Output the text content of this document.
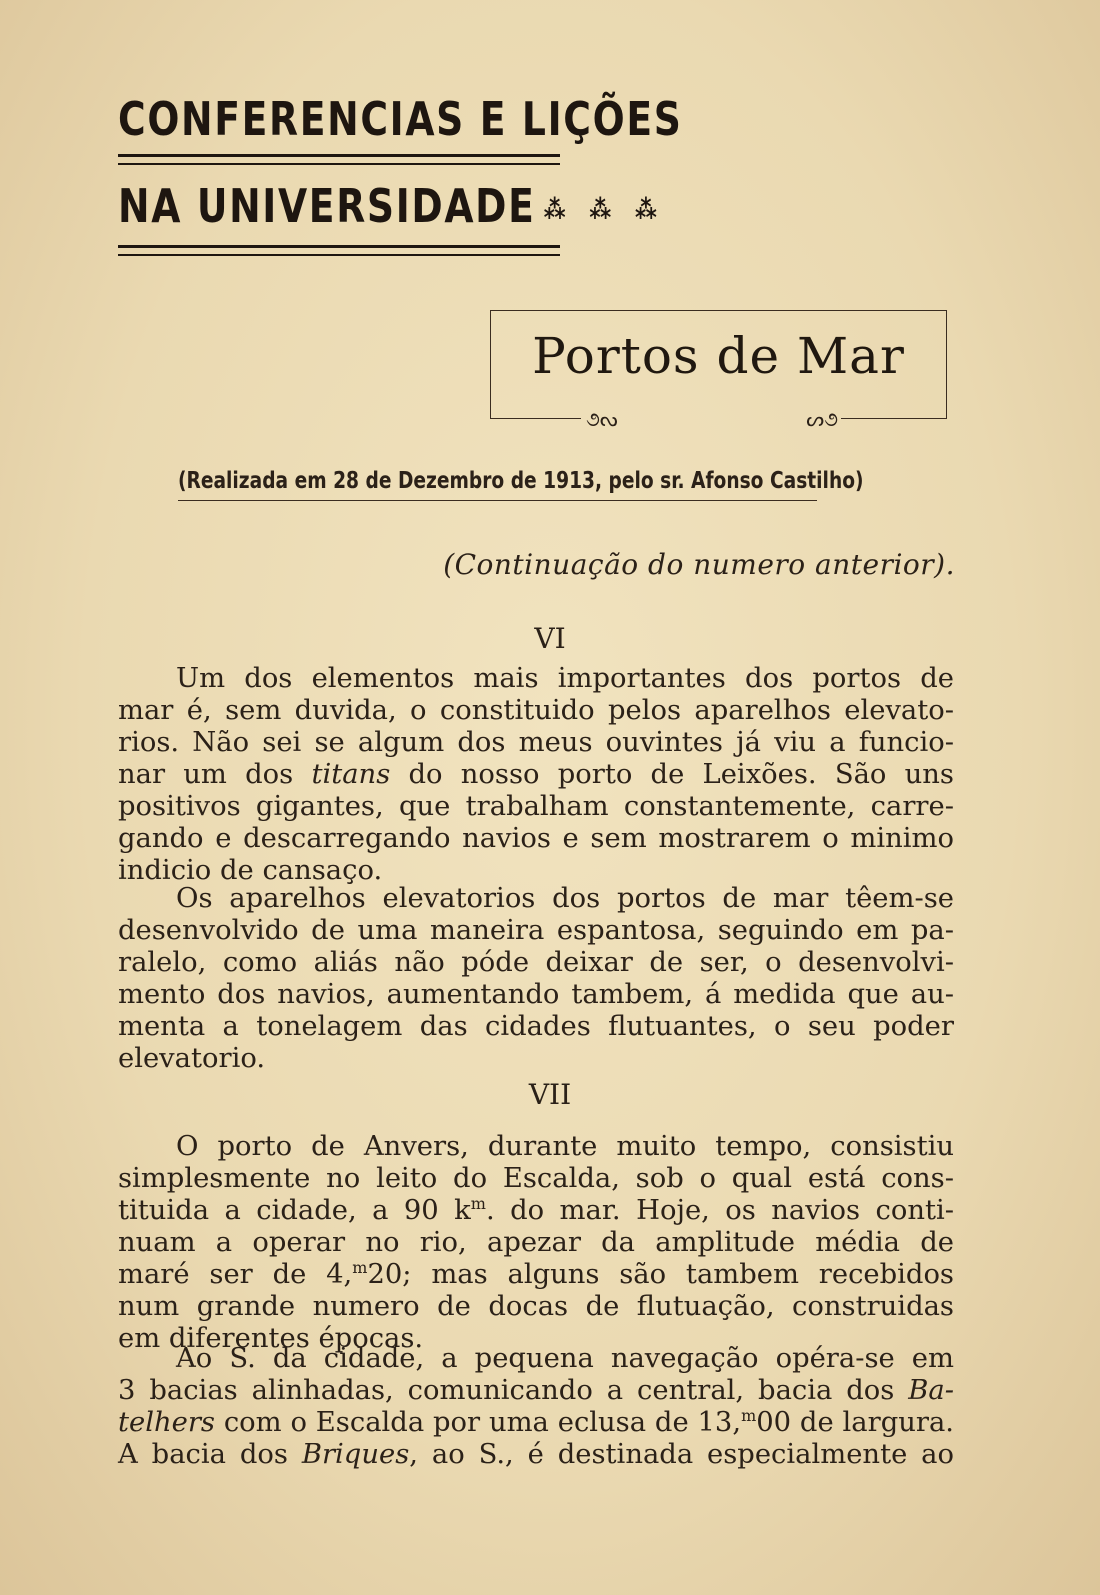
CONFERENCIAS E LIÇÕES
NA UNIVERSIDADE ⁂ ⁂ ⁂
Portos de Mar
૭ᔓ	ᔕ૭
(Realizada em 28 de Dezembro de 1913, pelo sr. Afonso Castilho)
(Continuação do numero anterior).
VI
Um dos elementos mais importantes dos portos de
mar é, sem duvida, o constituido pelos aparelhos elevato-
rios. Não sei se algum dos meus ouvintes já viu a funcio-
nar um dos titans do nosso porto de Leixões. São uns
positivos gigantes, que trabalham constantemente, carre-
gando e descarregando navios e sem mostrarem o minimo
indicio de cansaço.
Os aparelhos elevatorios dos portos de mar têem-se
desenvolvido de uma maneira espantosa, seguindo em pa-
ralelo, como aliás não póde deixar de ser, o desenvolvi-
mento dos navios, aumentando tambem, á medida que au-
menta a tonelagem das cidades flutuantes, o seu poder
elevatorio.
VII
O porto de Anvers, durante muito tempo, consistiu
simplesmente no leito do Escalda, sob o qual está cons-
tituida a cidade, a 90 $k^m$. do mar. Hoje, os navios conti-
nuam a operar no rio, apezar da amplitude média de
maré ser de 4,$^m$20; mas alguns são tambem recebidos
num grande numero de docas de flutuação, construidas
em diferentes épocas.
Ao S. da cidade, a pequena navegação opéra-se em
3 bacias alinhadas, comunicando a central, bacia dos Ba-
telhers com o Escalda por uma eclusa de 13,$^m$00 de largura.
A bacia dos Briques, ao S., é destinada especialmente ao
